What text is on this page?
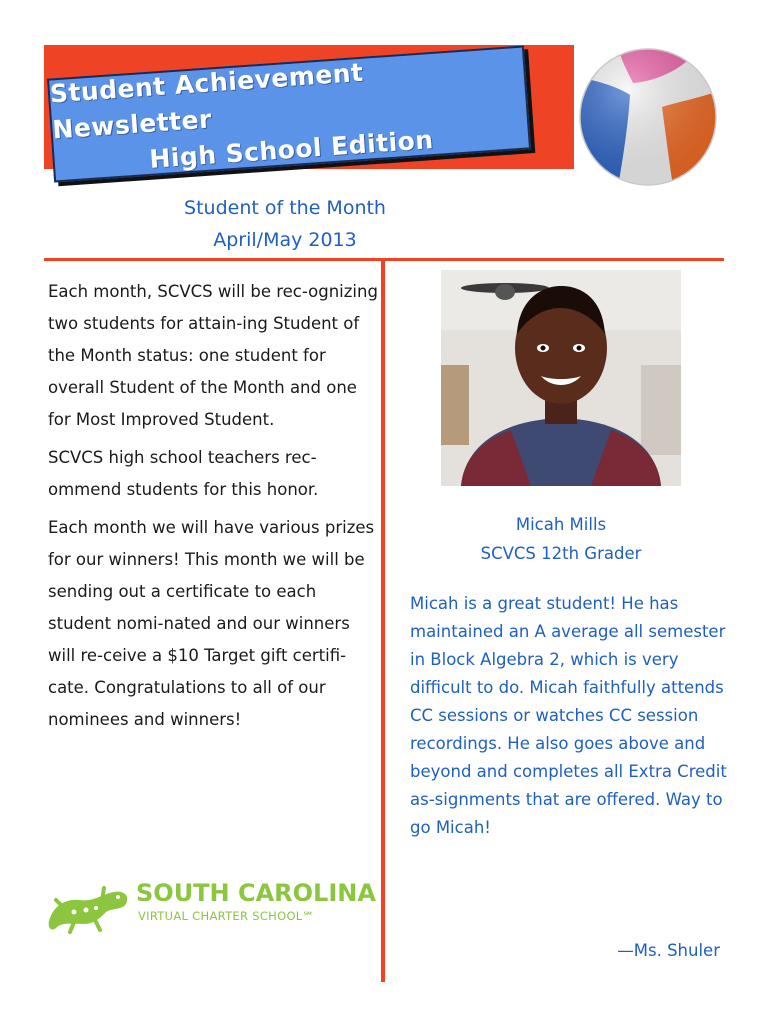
Student Achievement Newsletter
High School Edition
Student of the Month
April/May 2013

Each month, SCVCS will be rec-ognizing two students for attain-ing Student of the Month status: one student for overall Student of the Month and one for Most Improved Student.

SCVCS high school teachers rec-ommend students for this honor.

Each month we will have various prizes for our winners! This month we will be sending out a certificate to each student nomi-nated and our winners will re-ceive a $10 Target gift certifi-cate. Congratulations to all of our nominees and winners!

SOUTH CAROLINA
VIRTUAL CHARTER SCHOOL℠
Micah Mills
SCVCS 12th Grader
Micah is a great student! He has maintained an A average all semester in Block Algebra 2, which is very difficult to do. Micah faithfully attends CC sessions or watches CC session recordings. He also goes above and beyond and completes all Extra Credit as-signments that are offered. Way to go Micah!
—Ms. Shuler
